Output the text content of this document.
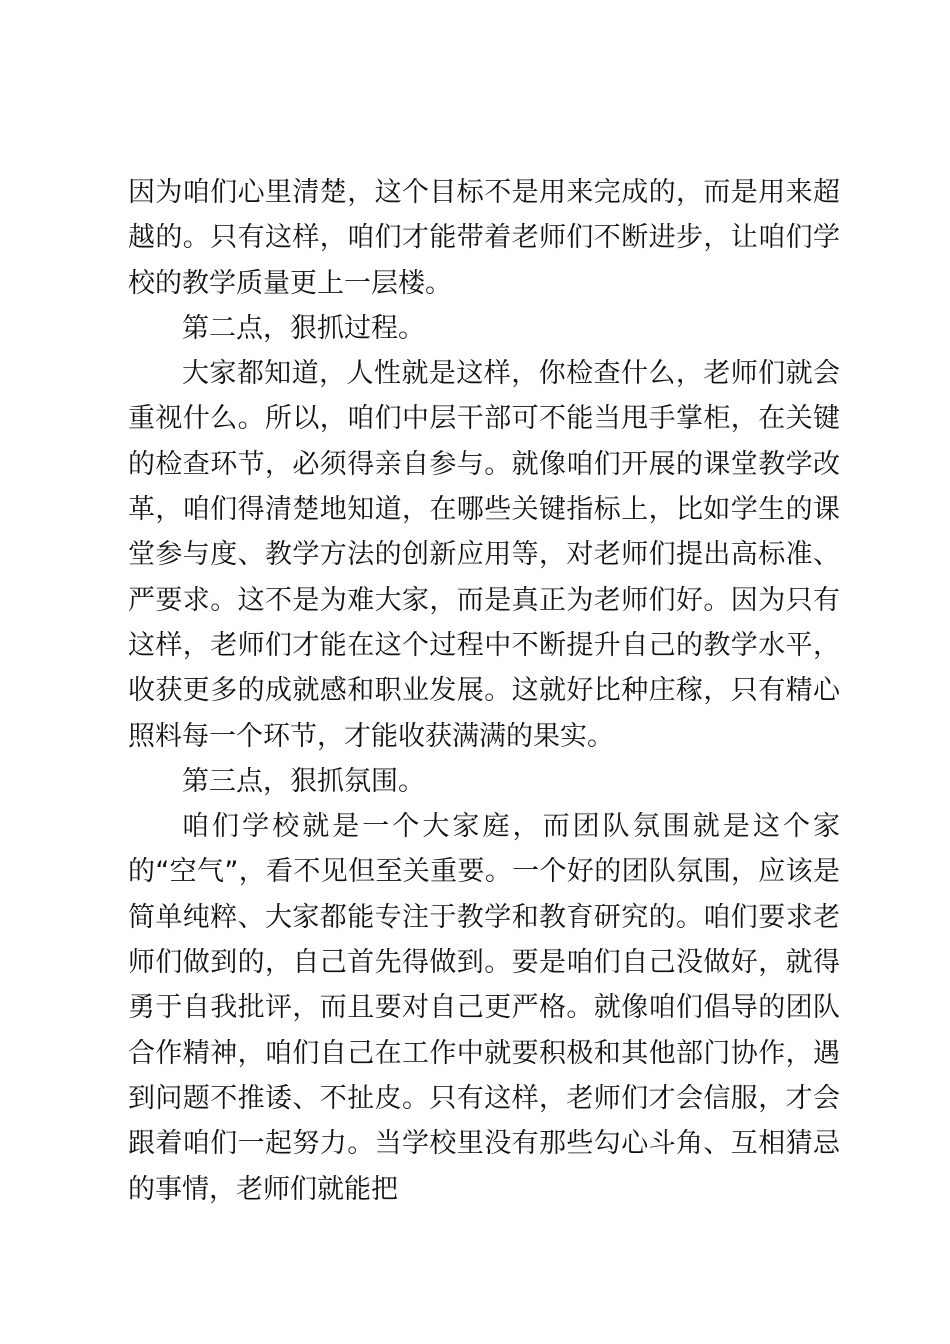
因为咱们心里清楚，这个目标不是用来完成的，而是用来超越的。只有这样，咱们才能带着老师们不断进步，让咱们学校的教学质量更上一层楼。

第二点，狠抓过程。

大家都知道，人性就是这样，你检查什么，老师们就会重视什么。所以，咱们中层干部可不能当甩手掌柜，在关键的检查环节，必须得亲自参与。就像咱们开展的课堂教学改革，咱们得清楚地知道，在哪些关键指标上，比如学生的课堂参与度、教学方法的创新应用等，对老师们提出高标准、严要求。这不是为难大家，而是真正为老师们好。因为只有这样，老师们才能在这个过程中不断提升自己的教学水平，收获更多的成就感和职业发展。这就好比种庄稼，只有精心照料每一个环节，才能收获满满的果实。

第三点，狠抓氛围。

咱们学校就是一个大家庭，而团队氛围就是这个家的“空气”，看不见但至关重要。一个好的团队氛围，应该是简单纯粹、大家都能专注于教学和教育研究的。咱们要求老师们做到的，自己首先得做到。要是咱们自己没做好，就得勇于自我批评，而且要对自己更严格。就像咱们倡导的团队合作精神，咱们自己在工作中就要积极和其他部门协作，遇到问题不推诿、不扯皮。只有这样，老师们才会信服，才会跟着咱们一起努力。当学校里没有那些勾心斗角、互相猜忌的事情，老师们就能把
